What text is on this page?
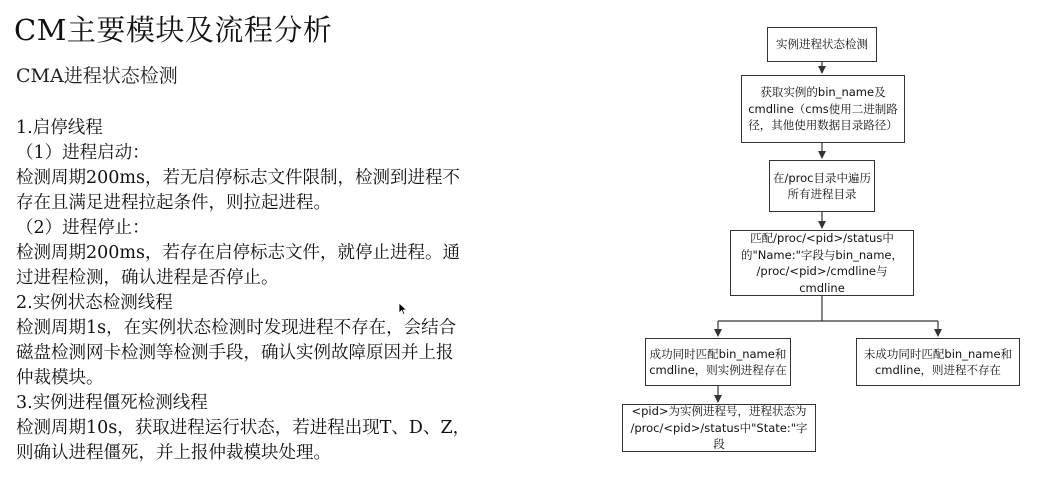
CM主要模块及流程分析
CMA进程状态检测
1.启停线程
（1）进程启动：
检测周期200ms，若无启停标志文件限制，检测到进程不
存在且满足进程拉起条件，则拉起进程。
（2）进程停止：
检测周期200ms，若存在启停标志文件，就停止进程。通
过进程检测，确认进程是否停止。
2.实例状态检测线程
检测周期1s，在实例状态检测时发现进程不存在，会结合
磁盘检测网卡检测等检测手段，确认实例故障原因并上报
仲裁模块。
3.实例进程僵死检测线程
检测周期10s，获取进程运行状态，若进程出现T、D、Z，
则确认进程僵死，并上报仲裁模块处理。
实例进程状态检测
获取实例的bin_name及
cmdline（cms使用二进制路
径，其他使用数据目录路径）
在/proc目录中遍历
所有进程目录
匹配/proc/<pid>/status中
的"Name:"字段与bin_name，
/proc/<pid>/cmdline与cmdline
成功同时匹配bin_name和
cmdline，则实例进程存在
未成功同时匹配bin_name和
cmdline，则进程不存在
<pid>为实例进程号，进程状态为
/proc/<pid>/status中"State:"字段
